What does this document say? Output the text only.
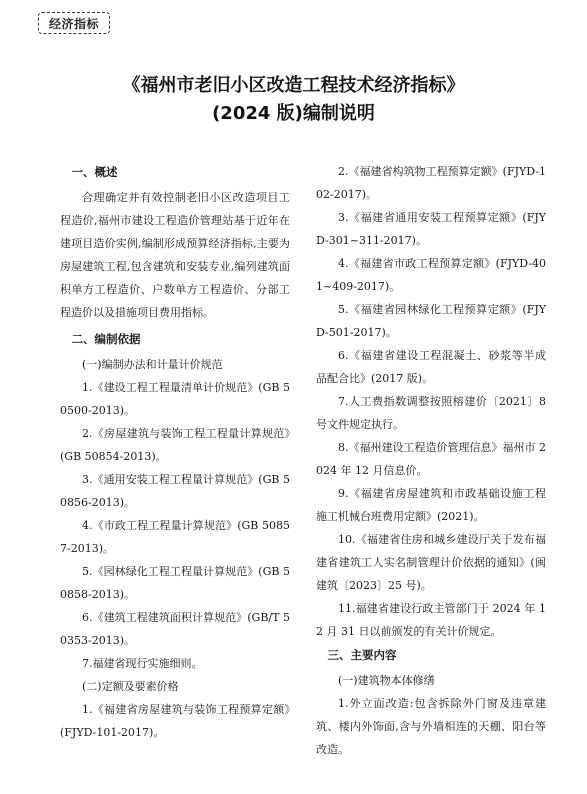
经济指标
《福州市老旧小区改造工程技术经济指标》
(2024 版)编制说明
一、概述

合理确定并有效控制老旧小区改造项目工程造价,福州市建设工程造价管理站基于近年在建项目造价实例,编制形成预算经济指标,主要为房屋建筑工程,包含建筑和安装专业,编列建筑面积单方工程造价、户数单方工程造价、分部工程造价以及措施项目费用指标。

二、编制依据

(一)编制办法和计量计价规范

1.《建设工程工程量清单计价规范》(GB 50500-2013)。

2.《房屋建筑与装饰工程工程量计算规范》(GB 50854-2013)。

3.《通用安装工程工程量计算规范》(GB 50856-2013)。

4.《市政工程工程量计算规范》(GB 50857-2013)。

5.《园林绿化工程工程量计算规范》(GB 50858-2013)。

6.《建筑工程建筑面积计算规范》(GB/T 50353-2013)。

7.福建省现行实施细则。

(二)定额及要素价格

1.《福建省房屋建筑与装饰工程预算定额》(FJYD-101-2017)。

2.《福建省构筑物工程预算定额》(FJYD-102-2017)。

3.《福建省通用安装工程预算定额》(FJYD-301~311-2017)。

4.《福建省市政工程预算定额》(FJYD-401~409-2017)。

5.《福建省园林绿化工程预算定额》(FJYD-501-2017)。

6.《福建省建设工程混凝土、砂浆等半成品配合比》(2017 版)。

7.人工费指数调整按照榕建价〔2021〕8 号文件规定执行。

8.《福州建设工程造价管理信息》福州市 2024 年 12 月信息价。

9.《福建省房屋建筑和市政基础设施工程施工机械台班费用定额》(2021)。

10.《福建省住房和城乡建设厅关于发布福建省建筑工人实名制管理计价依据的通知》(闽建筑〔2023〕25 号)。

11.福建省建设行政主管部门于 2024 年 12 月 31 日以前颁发的有关计价规定。

三、主要内容

(一)建筑物本体修缮

1.外立面改造:包含拆除外门窗及违章建筑、楼内外饰面,含与外墙相连的天棚、阳台等改造。
